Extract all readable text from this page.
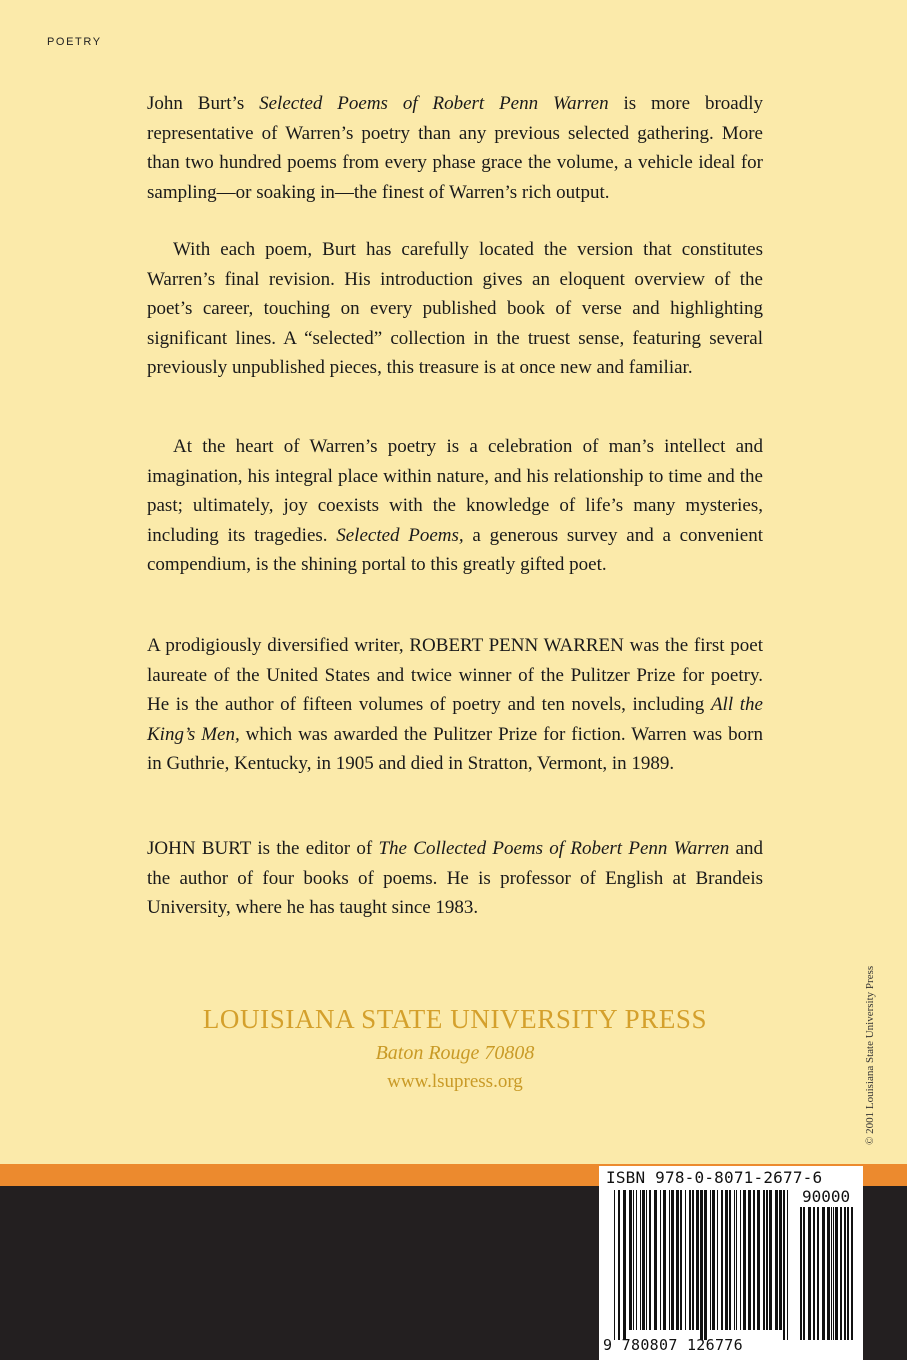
POETRY

John Burt’s Selected Poems of Robert Penn Warren is more broadly representative of Warren’s poetry than any previous selected gathering. More than two hundred poems from every phase grace the volume, a vehicle ideal for sampling—or soaking in—the finest of Warren’s rich output.

With each poem, Burt has carefully located the version that constitutes Warren’s final revision. His introduction gives an eloquent overview of the poet’s career, touching on every published book of verse and highlighting significant lines. A “selected” collection in the truest sense, featuring several previously unpublished pieces, this treasure is at once new and familiar.

At the heart of Warren’s poetry is a celebration of man’s intellect and imagination, his integral place within nature, and his relationship to time and the past; ultimately, joy coexists with the knowledge of life’s many mysteries, including its tragedies. Selected Poems, a generous survey and a convenient compendium, is the shining portal to this greatly gifted poet.

A prodigiously diversified writer, ROBERT PENN WARREN was the first poet laureate of the United States and twice winner of the Pulitzer Prize for poetry. He is the author of fifteen volumes of poetry and ten novels, including All the King’s Men, which was awarded the Pulitzer Prize for fiction. Warren was born in Guthrie, Kentucky, in 1905 and died in Stratton, Vermont, in 1989.

JOHN BURT is the editor of The Collected Poems of Robert Penn Warren and the author of four books of poems. He is professor of English at Brandeis University, where he has taught since 1983.

LOUISIANA STATE UNIVERSITY PRESS
Baton Rouge 70808
www.lsupress.org	© 2001 Louisiana State University Press
ISBN 978-0-8071-2677-6
90000
9 780807 126776
